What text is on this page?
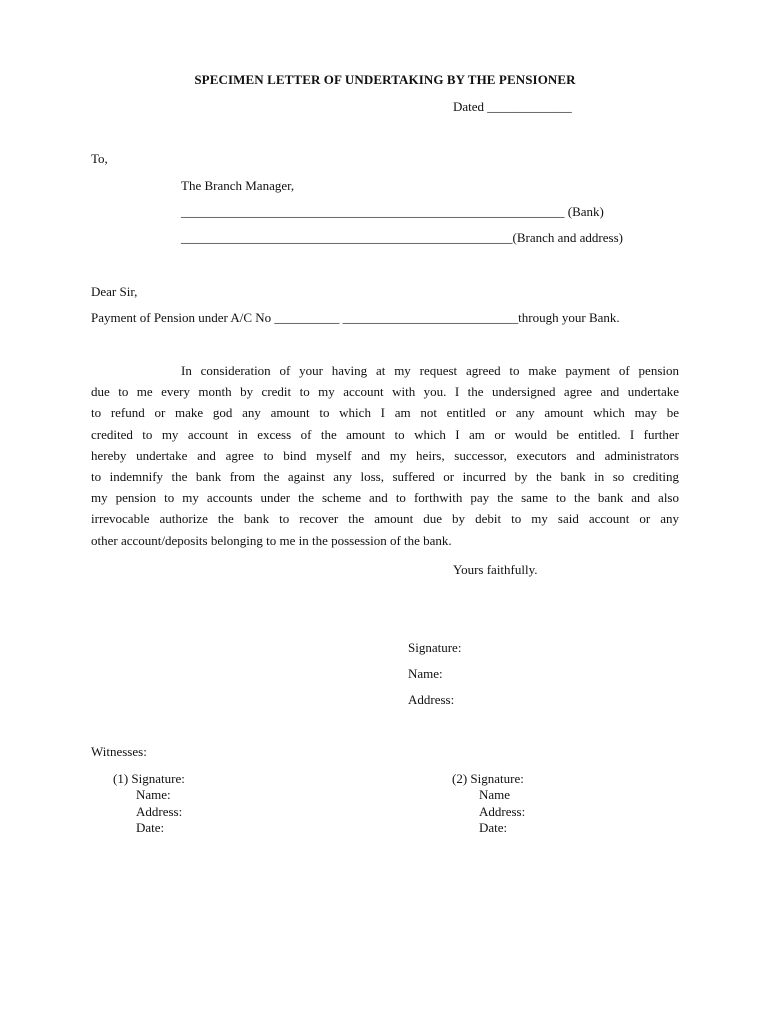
SPECIMEN LETTER OF UNDERTAKING BY THE PENSIONER
Dated _____________
To,
The Branch Manager,
___________________________________________________________ (Bank)
___________________________________________________(Branch and address)
Dear Sir,
Payment of Pension under A/C No __________ ___________________________through your Bank.
In consideration of your having at my request agreed to make payment of pension
due to me every month by credit to my account with you. I the undersigned agree and undertake
to refund or make god any amount to which I am not entitled or any amount which may be
credited to my account in excess of the amount to which I am or would be entitled. I further
hereby undertake and agree to bind myself and my heirs, successor, executors and administrators
to indemnify the bank from the against any loss, suffered or incurred by the bank in so crediting
my pension to my accounts under the scheme and to forthwith pay the same to the bank and also
irrevocable authorize the bank to recover the amount due by debit to my said account or any
other account/deposits belonging to me in the possession of the bank.
Yours faithfully.
Signature:
Name:
Address:
Witnesses:
(1) Signature:
Name:
Address:
Date:
(2) Signature:
Name
Address:
Date:
